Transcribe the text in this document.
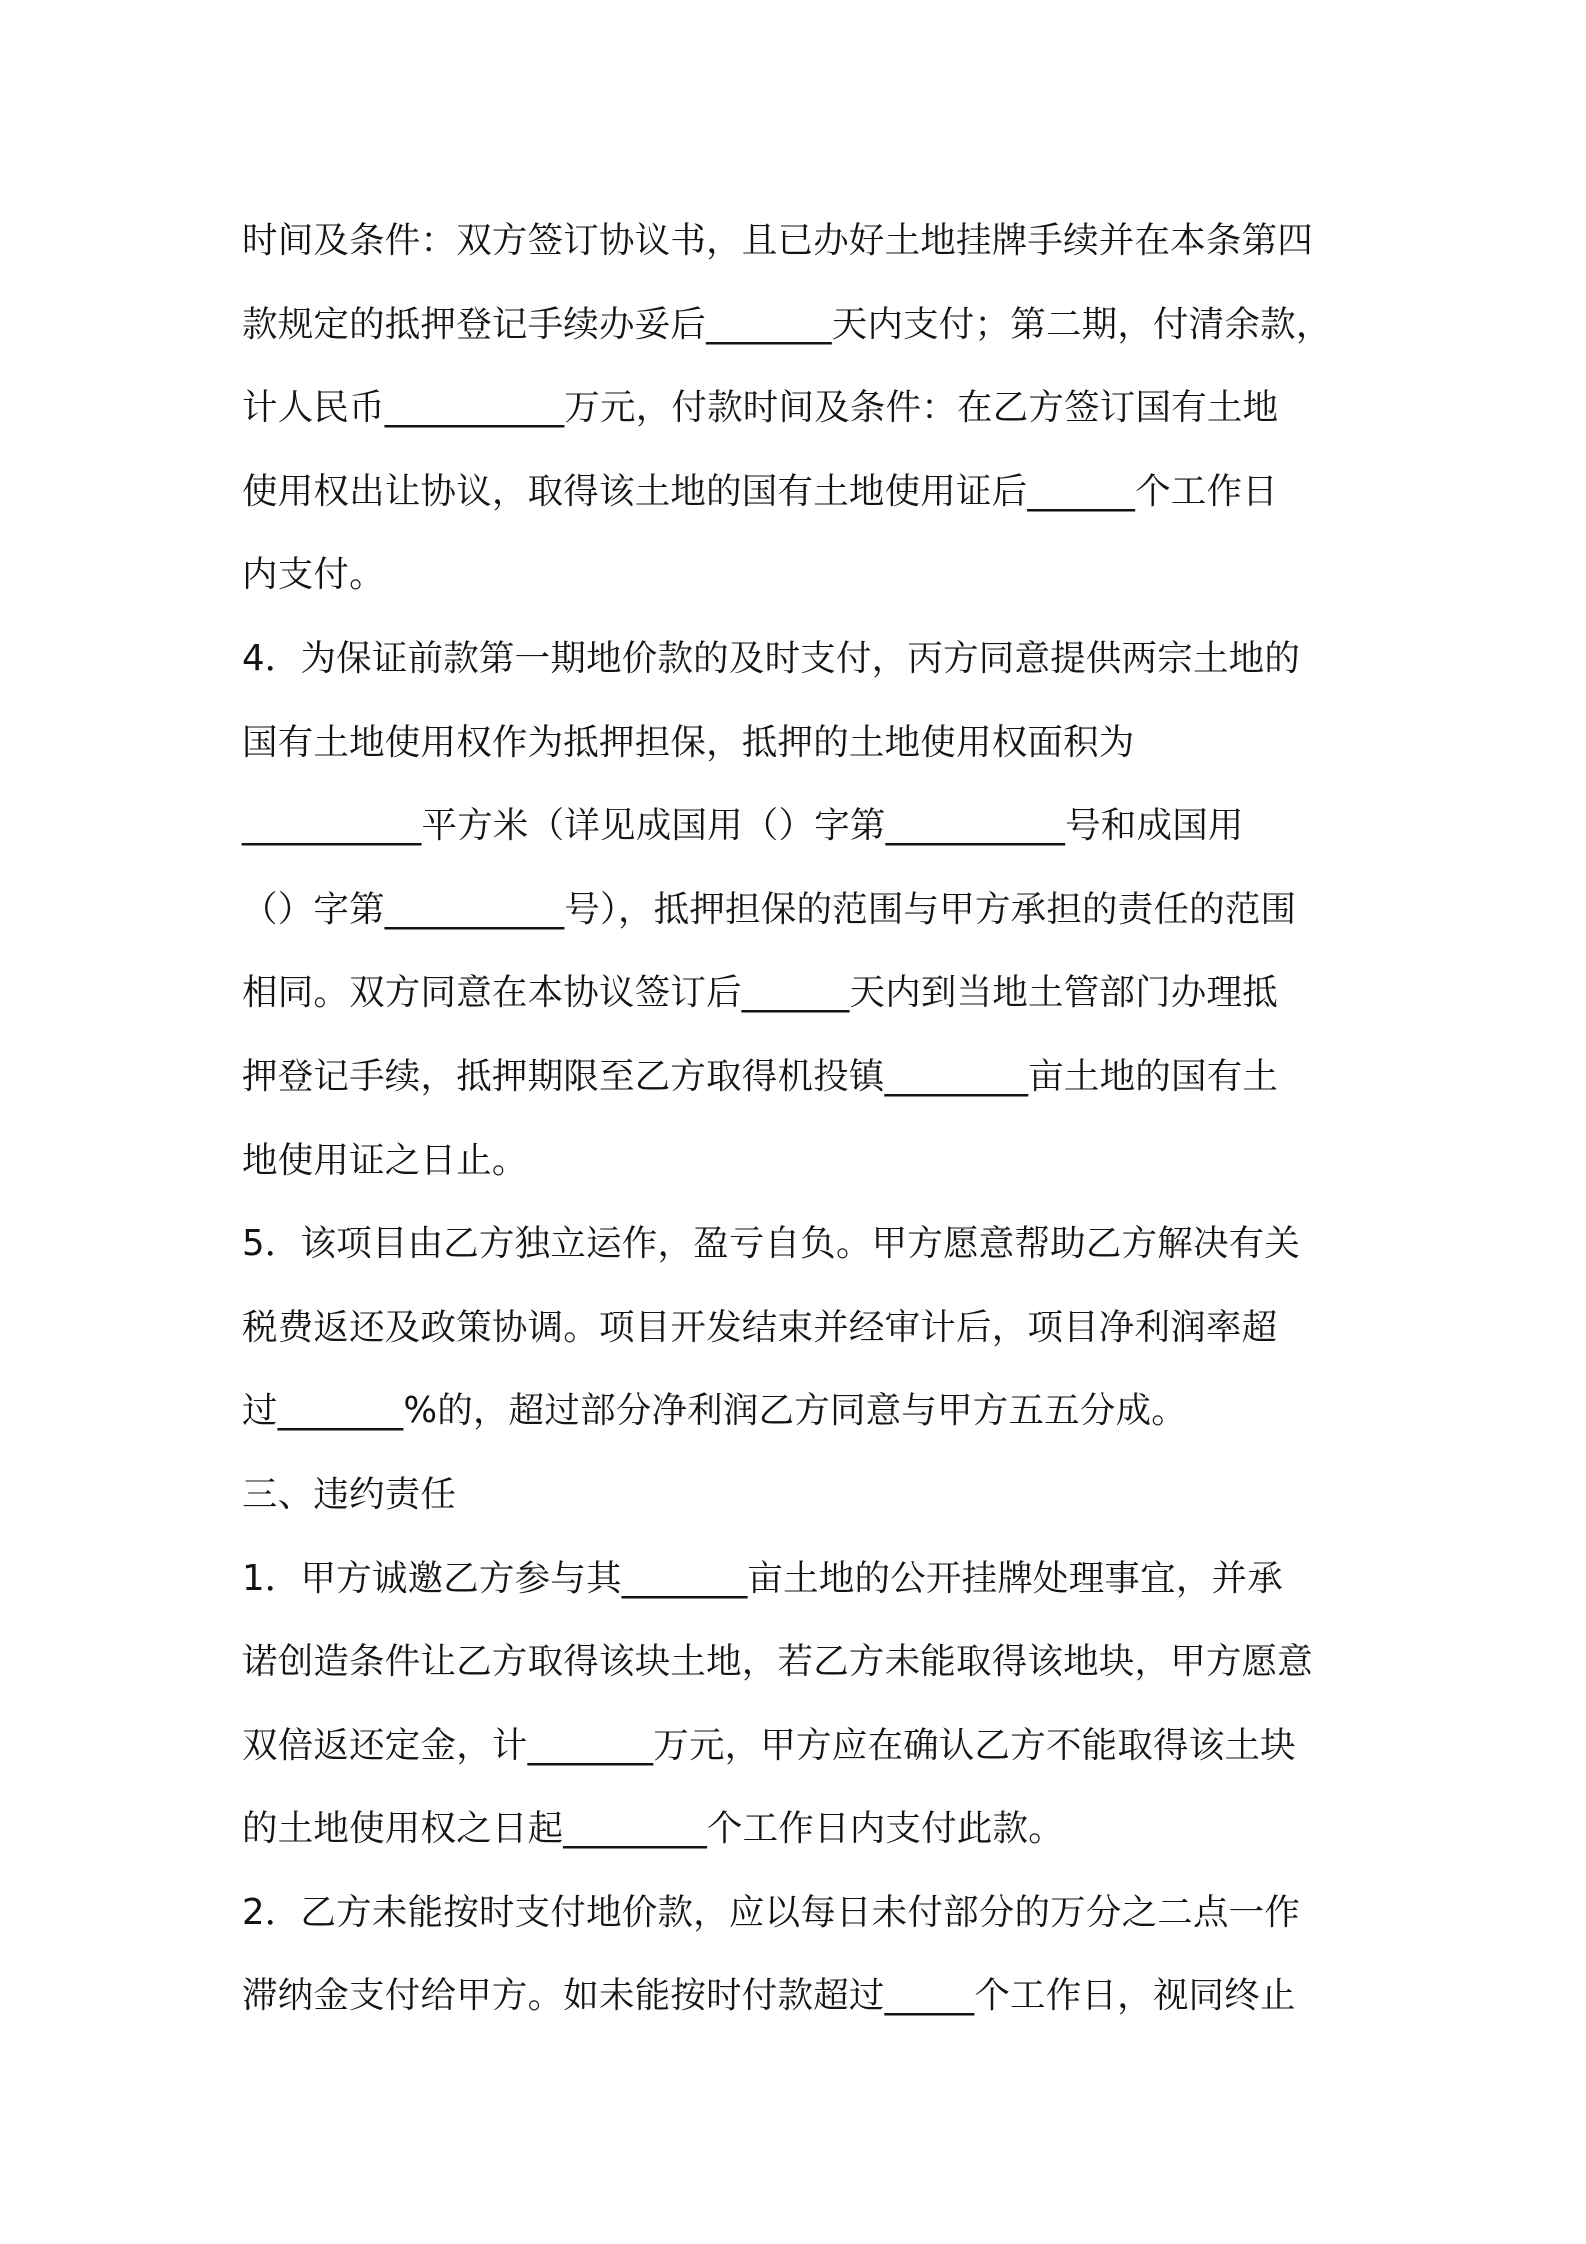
时间及条件：双方签订协议书，且已办好土地挂牌手续并在本条第四
款规定的抵押登记手续办妥后_______天内支付；第二期，付清余款，
计人民币__________万元，付款时间及条件：在乙方签订国有土地
使用权出让协议，取得该土地的国有土地使用证后______个工作日
内支付。
4．为保证前款第一期地价款的及时支付，丙方同意提供两宗土地的
国有土地使用权作为抵押担保，抵押的土地使用权面积为
__________平方米（详见成国用（）字第__________号和成国用
（）字第__________号），抵押担保的范围与甲方承担的责任的范围
相同。双方同意在本协议签订后______天内到当地土管部门办理抵
押登记手续，抵押期限至乙方取得机投镇________亩土地的国有土
地使用证之日止。
5．该项目由乙方独立运作，盈亏自负。甲方愿意帮助乙方解决有关
税费返还及政策协调。项目开发结束并经审计后，项目净利润率超
过_______%的，超过部分净利润乙方同意与甲方五五分成。
三、违约责任
1．甲方诚邀乙方参与其_______亩土地的公开挂牌处理事宜，并承
诺创造条件让乙方取得该块土地，若乙方未能取得该地块，甲方愿意
双倍返还定金，计_______万元，甲方应在确认乙方不能取得该土块
的土地使用权之日起________个工作日内支付此款。
2．乙方未能按时支付地价款，应以每日未付部分的万分之二点一作
滞纳金支付给甲方。如未能按时付款超过_____个工作日，视同终止
